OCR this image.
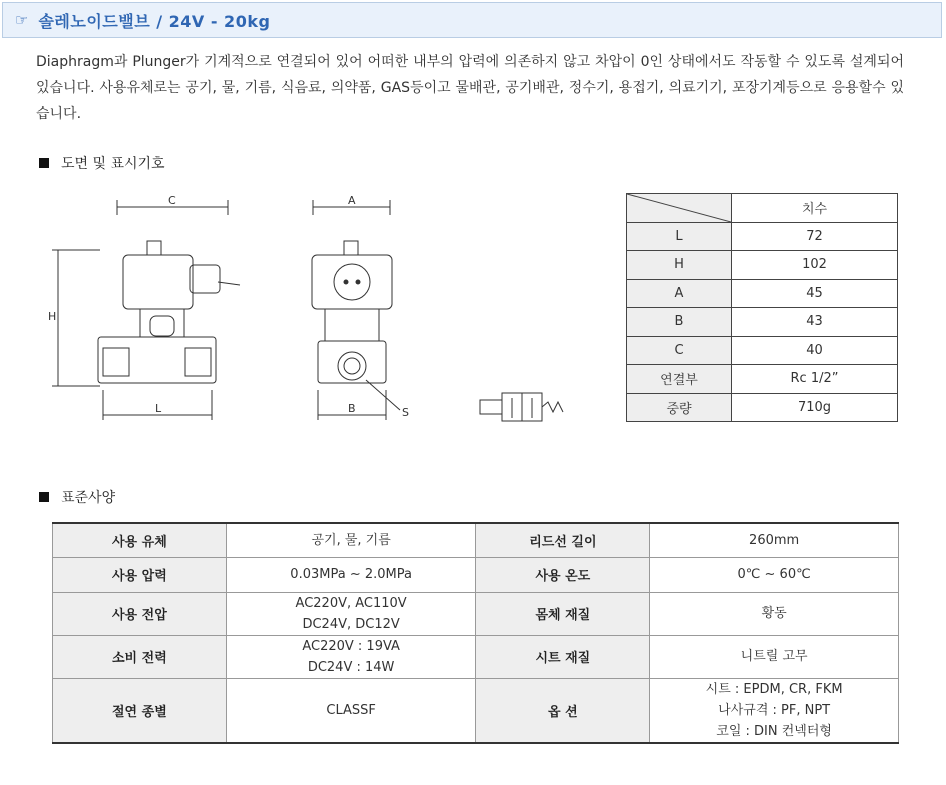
☞ 솔레노이드밸브 / 24V - 20kg
Diaphragm과 Plunger가 기계적으로 연결되어 있어 어떠한 내부의 압력에 의존하지 않고 차압이 0인 상태에서도 작동할 수 있도록 설계되어 있습니다. 사용유체로는 공기, 물, 기름, 식음료, 의약품, GAS등이고 물배관, 공기배관, 정수기, 용접기, 의료기기, 포장기계등으로 응용할수 있습니다.
도면 및 표시기호
C
H
L
A
B	S
	치수
L	72
H	102
A	45
B	43
C	40
연결부	Rc 1/2”
중량	710g
표준사양
사용 유체	공기, 물, 기름	리드선 길이	260mm

사용 압력	0.03MPa ~ 2.0MPa	사용 온도	0℃ ~ 60℃

사용 전압	AC220V, AC110V
DC24V, DC12V	몸체 재질	황동

소비 전력	AC220V : 19VA
DC24V : 14W	시트 재질	니트릴 고무

절연 종별	CLASSF	옵 션	시트 : EPDM, CR, FKM
나사규격 : PF, NPT
코일 : DIN 컨넥터형
